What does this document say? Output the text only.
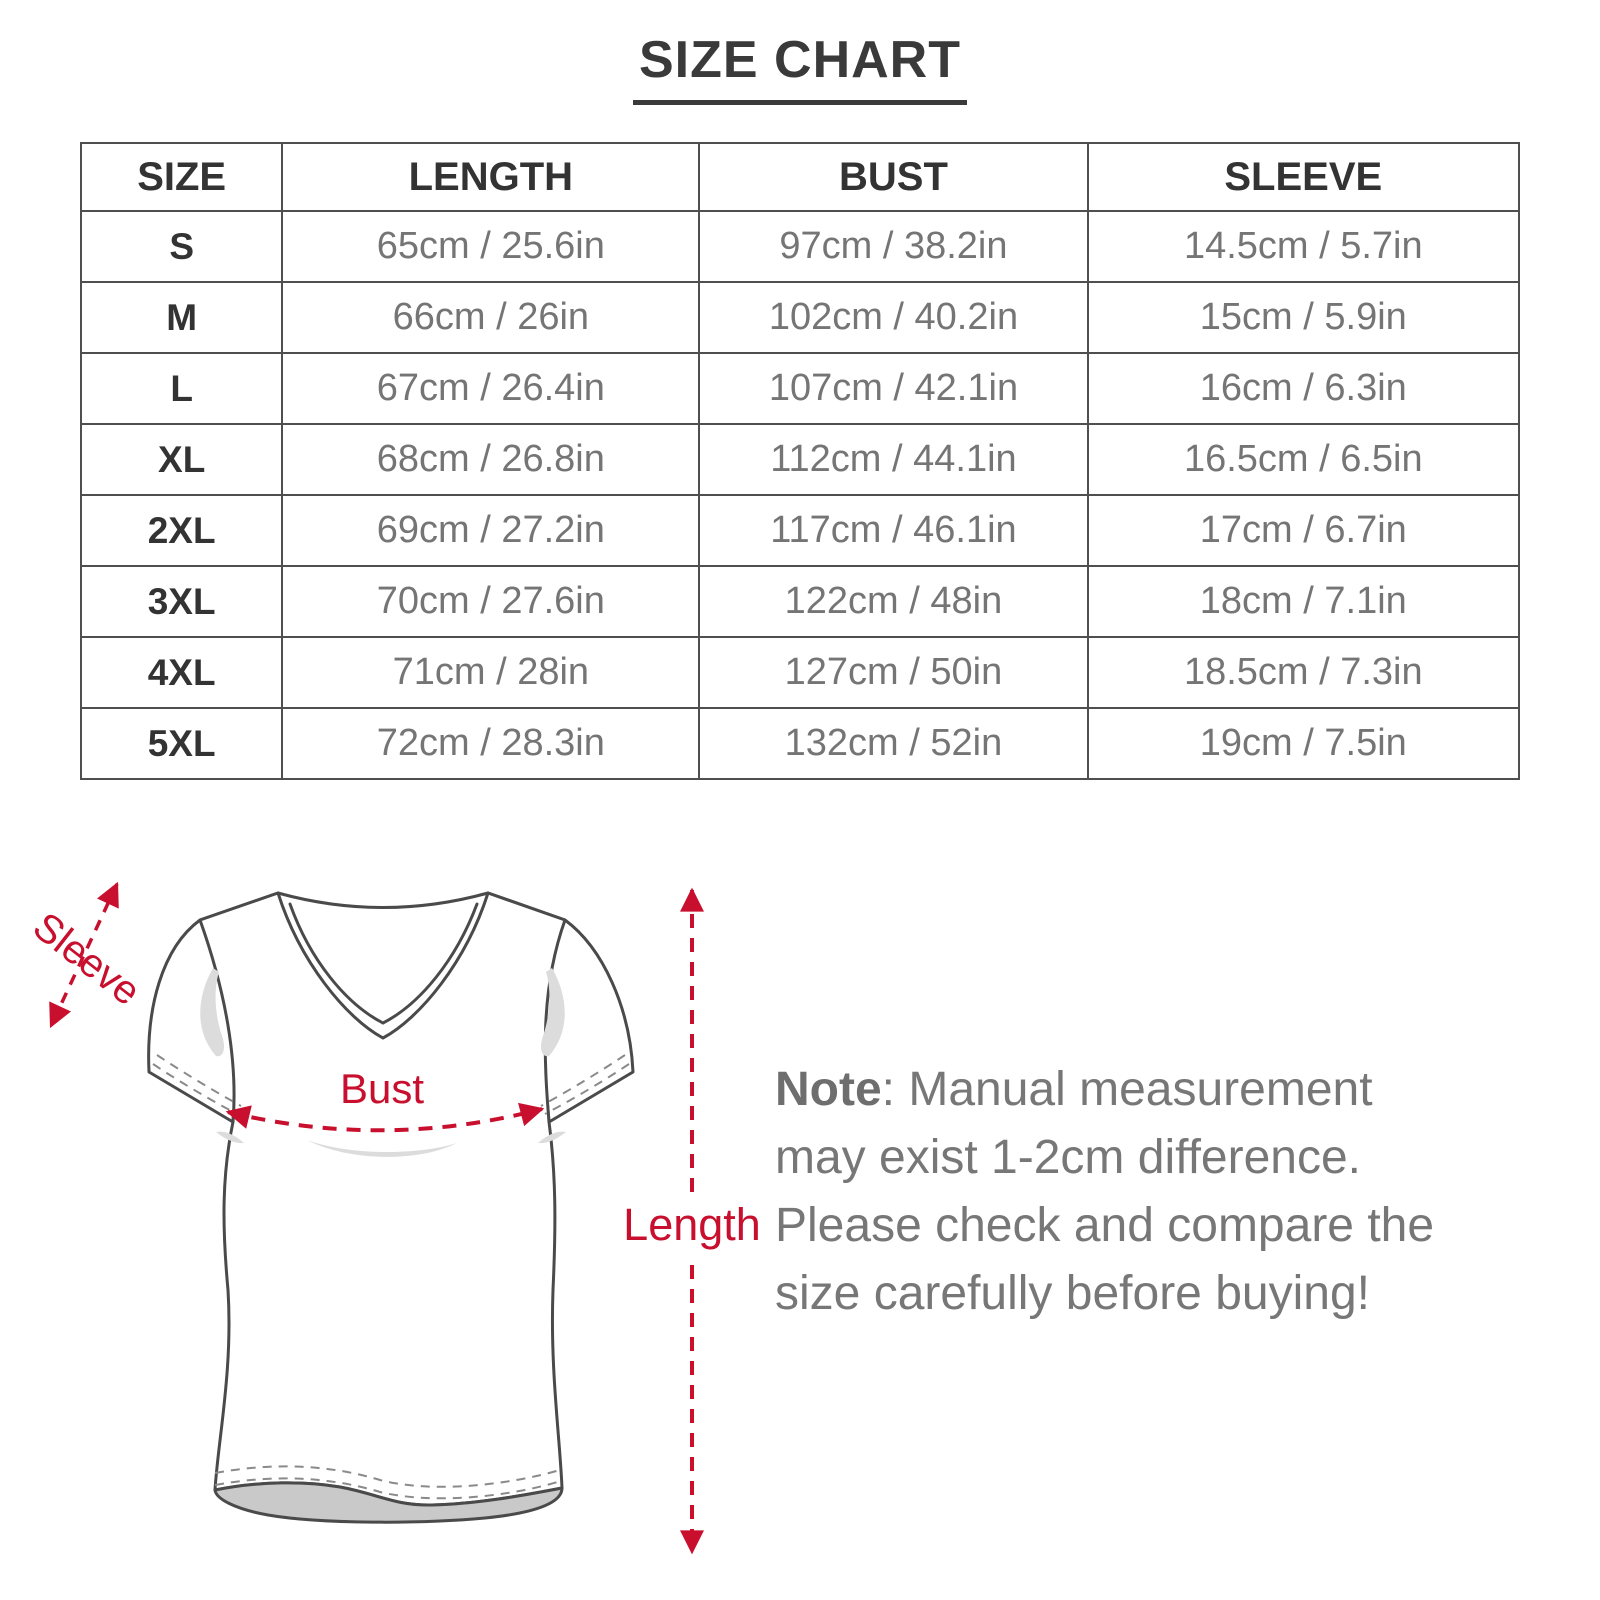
SIZE CHART
SIZE	LENGTH	BUST	SLEEVE
S	65cm / 25.6in	97cm / 38.2in	14.5cm / 5.7in
M	66cm / 26in	102cm / 40.2in	15cm / 5.9in
L	67cm / 26.4in	107cm / 42.1in	16cm / 6.3in
XL	68cm / 26.8in	112cm / 44.1in	16.5cm / 6.5in
2XL	69cm / 27.2in	117cm / 46.1in	17cm / 6.7in
3XL	70cm / 27.6in	122cm / 48in	18cm / 7.1in
4XL	71cm / 28in	127cm / 50in	18.5cm / 7.3in
5XL	72cm / 28.3in	132cm / 52in	19cm / 7.5in
Sleeve
Bust
Length
Note: Manual measurement may exist 1-2cm difference. Please check and compare the size carefully before buying!
